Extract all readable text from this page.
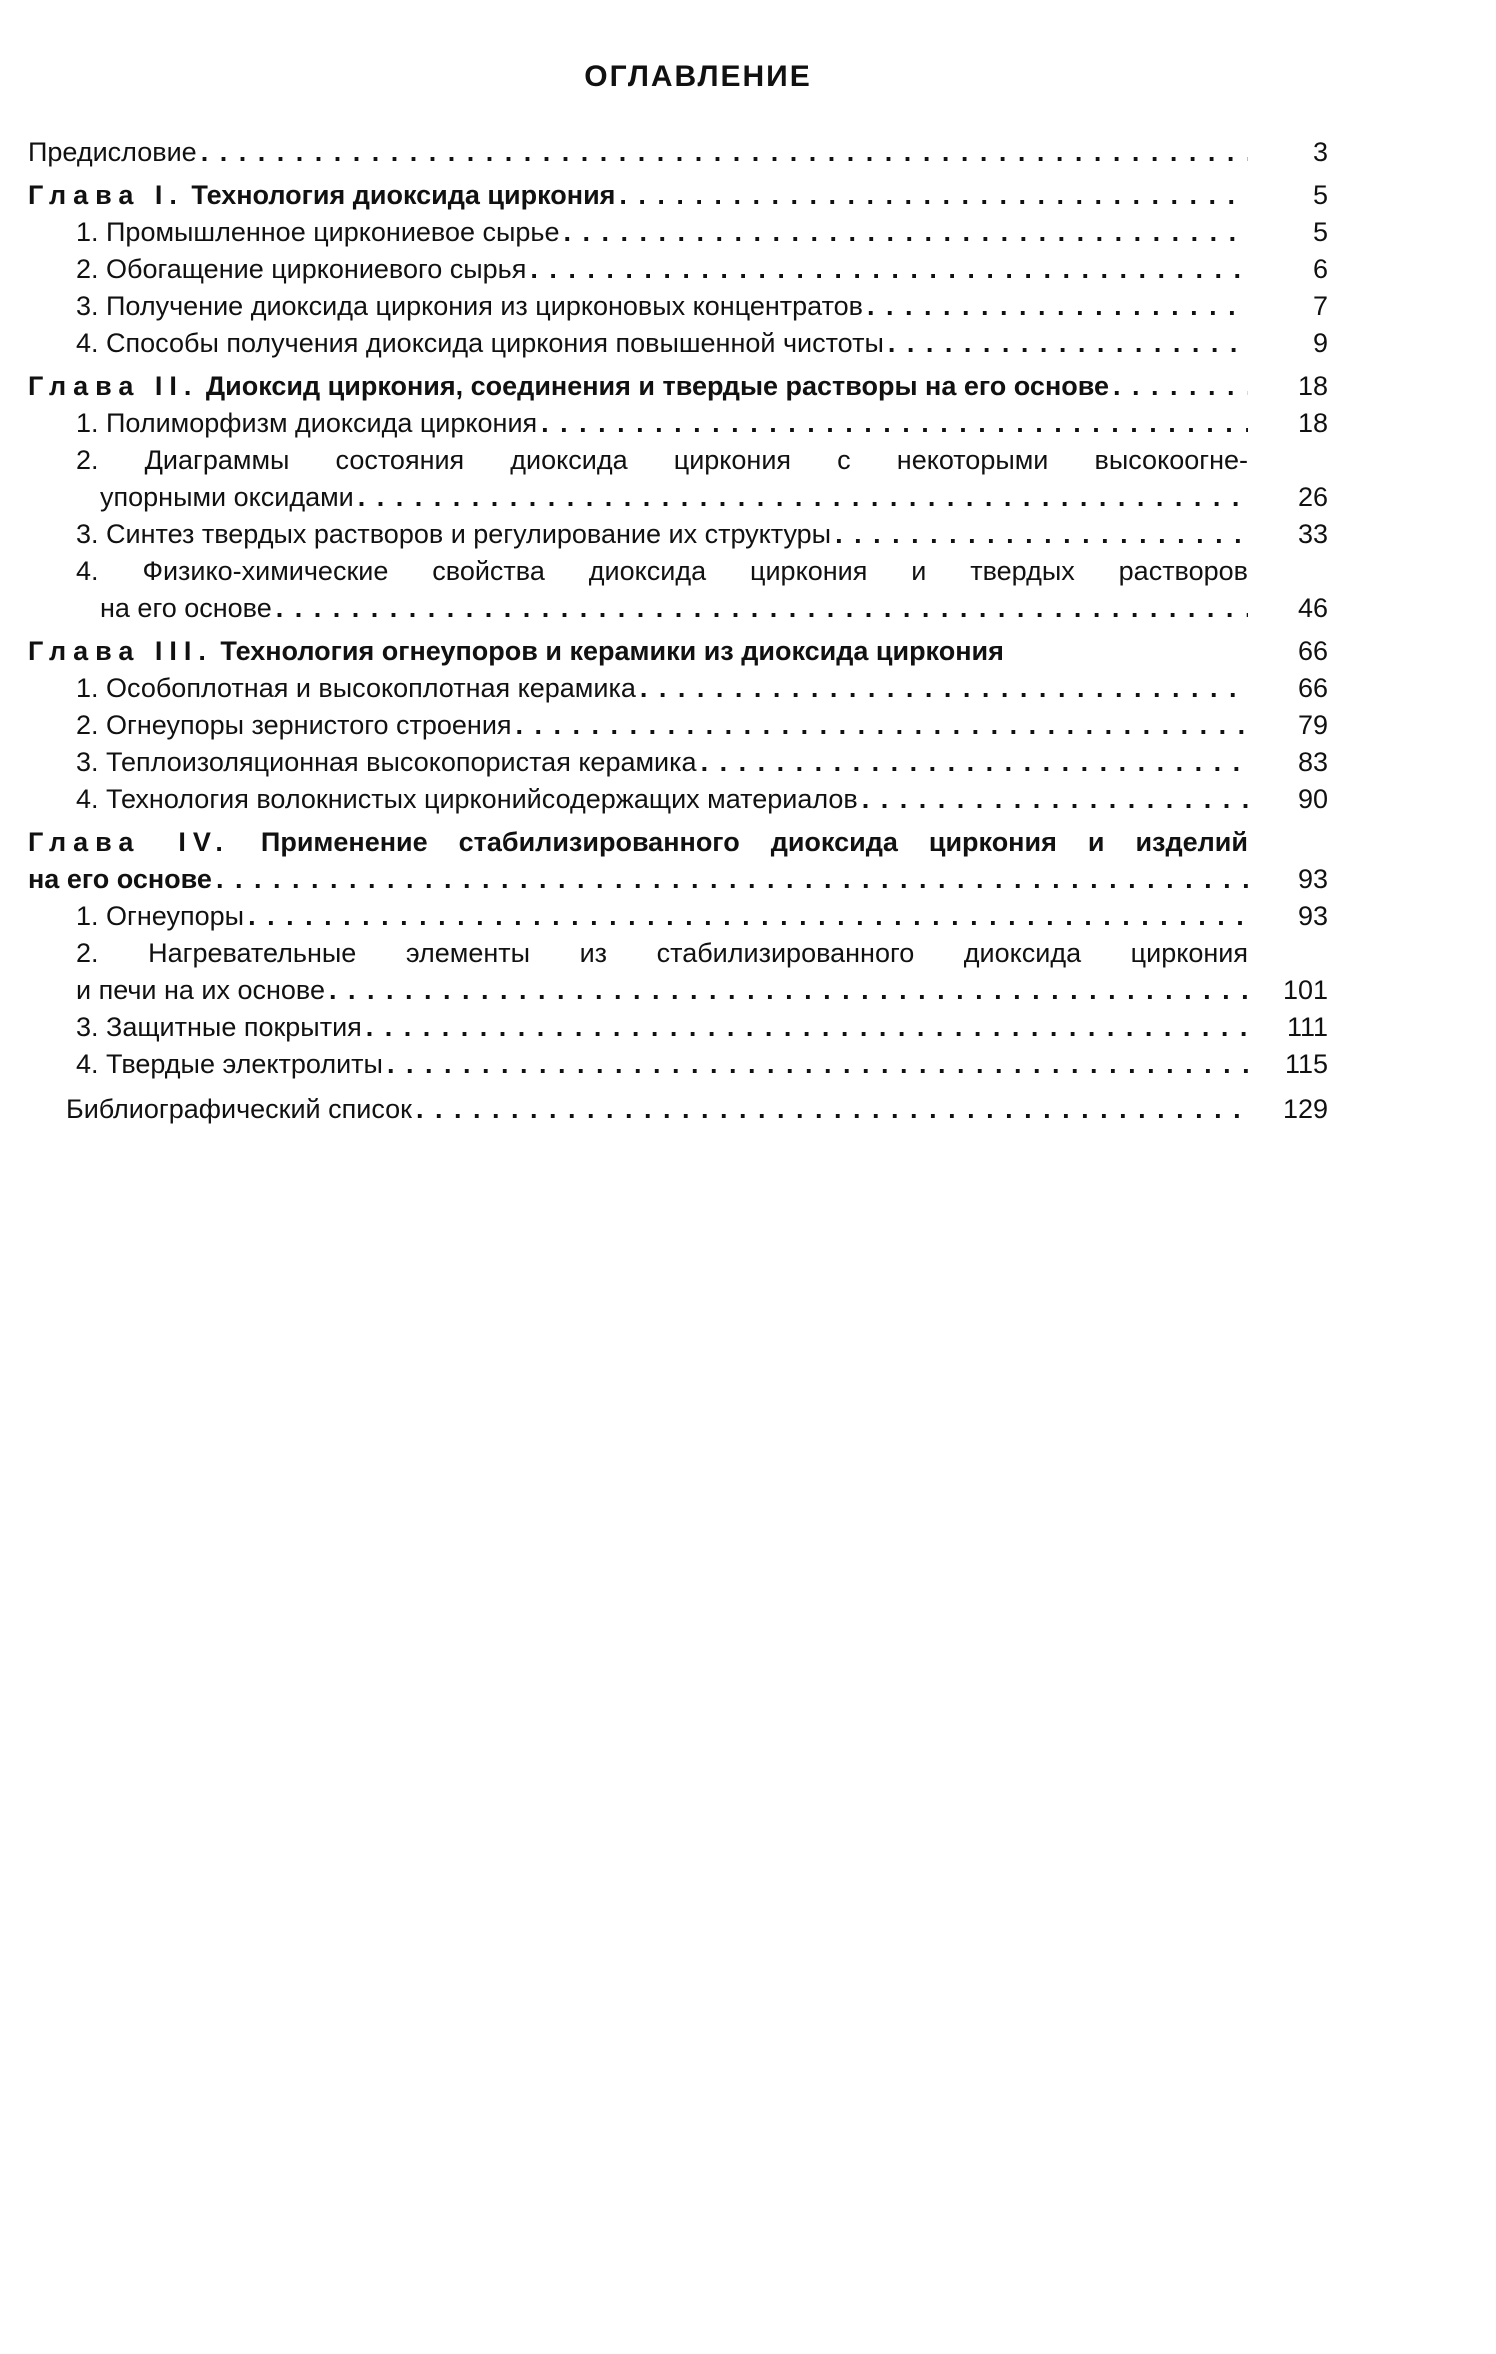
ОГЛАВЛЕНИЕ
Предисловие . . .	3
Глава I. Технология диоксида циркония . . .	5
1. Промышленное циркониевое сырье . . .	5
2. Обогащение циркониевого сырья . . .	6
3. Получение диоксида циркония из цирконовых концентратов . . .	7
4. Способы получения диоксида циркония повышенной чистоты . . .	9
Глава II. Диоксид циркония, соединения и твердые растворы на его основе . . .	18
1. Полиморфизм диоксида циркония . . .	18
2. Диаграммы состояния диоксида циркония с некоторыми высокоогне-
упорными оксидами . . .	26
3. Синтез твердых растворов и регулирование их структуры . . .	33
4. Физико-химические свойства диоксида циркония и твердых растворов
на его основе . . .	46
Глава III. Технология огнеупоров и керамики из диоксида циркония	66
1. Особоплотная и высокоплотная керамика . . .	66
2. Огнеупоры зернистого строения . . .	79
3. Теплоизоляционная высокопористая керамика . . .	83
4. Технология волокнистых цирконийсодержащих материалов . . .	90
Глава IV. Применение стабилизированного диоксида циркония и изделий
на его основе . . .	93
1. Огнеупоры . . .	93
2. Нагревательные элементы из стабилизированного диоксида циркония
и печи на их основе . . .	101
3. Защитные покрытия . . .	111
4. Твердые электролиты . . .	115
Библиографический список . . .	129
